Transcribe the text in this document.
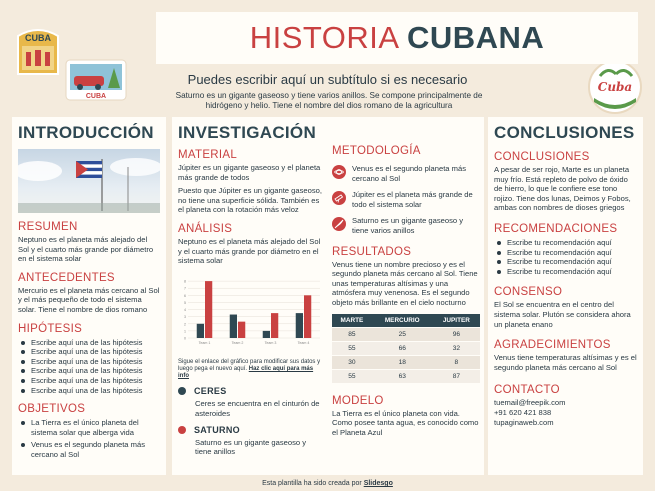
CUBA
CUBA
Cuba
HISTORIA CUBANA
Puedes escribir aquí un subtítulo si es necesario
Saturno es un gigante gaseoso y tiene varios anillos. Se compone principalmente de hidrógeno y helio. Tiene el nombre del dios romano de la agricultura
INTRODUCCIÓN
RESUMEN
Neptuno es el planeta más alejado del Sol y el cuarto más grande por diámetro en el sistema solar
ANTECEDENTES
Mercurio es el planeta más cercano al Sol y el más pequeño de todo el sistema solar. Tiene el nombre de dios romano
HIPÓTESIS
Escribe aquí una de las hipótesis
Escribe aquí una de las hipótesis
Escribe aquí una de las hipótesis
Escribe aquí una de las hipótesis
Escribe aquí una de las hipótesis
Escribe aquí una de las hipótesis
OBJETIVOS
La Tierra es el único planeta del sistema solar que alberga vida
Venus es el segundo planeta más cercano al Sol
INVESTIGACIÓN
MATERIAL
Júpiter es un gigante gaseoso y el planeta más grande de todos
Puesto que Júpiter es un gigante gaseoso, no tiene una superficie sólida. También es el planeta con la rotación más veloz
ANÁLISIS
Neptuno es el planeta más alejado del Sol y el cuarto más grande por diámetro en el sistema solar
0
1
2
3
4
5
6
7
8
Team 1	Team 2	Team 3	Team 4
Sigue el enlace del gráfico para modificar sus datos y luego pega el nuevo aquí. Haz clic aquí para más info
CERES
Ceres se encuentra en el cinturón de asteroides
SATURNO
Saturno es un gigante gaseoso y tiene anillos
METODOLOGÍA
Venus es el segundo planeta más cercano al Sol
Júpiter es el planeta más grande de todo el sistema solar
Saturno es un gigante gaseoso y tiene varios anillos
RESULTADOS
Venus tiene un nombre precioso y es el segundo planeta más cercano al Sol. Tiene unas temperaturas altísimas y una atmósfera muy venenosa. Es el segundo objeto más brillante en el cielo nocturno
MARTE	MERCURIO	JUPITER
85	25	96
55	66	32
30	18	8
55	63	87
MODELO
La Tierra es el único planeta con vida. Como posee tanta agua, es conocido como el Planeta Azul
CONCLUSIONES
CONCLUSIONES
A pesar de ser rojo, Marte es un planeta muy frío. Está repleto de polvo de óxido de hierro, lo que le confiere ese tono rojizo. Tiene dos lunas, Deimos y Fobos, ambas con nombres de dioses griegos
RECOMENDACIONES
Escribe tu recomendación aquí
Escribe tu recomendación aquí
Escribe tu recomendación aquí
Escribe tu recomendación aquí
CONSENSO
El Sol se encuentra en el centro del sistema solar. Plutón se considera ahora un planeta enano
AGRADECIMIENTOS
Venus tiene temperaturas altísimas y es el segundo planeta más cercano al Sol
CONTACTO
tuemail@freepik.com
+91 620 421 838
tupaginaweb.com
Esta plantilla ha sido creada por Slidesgo
